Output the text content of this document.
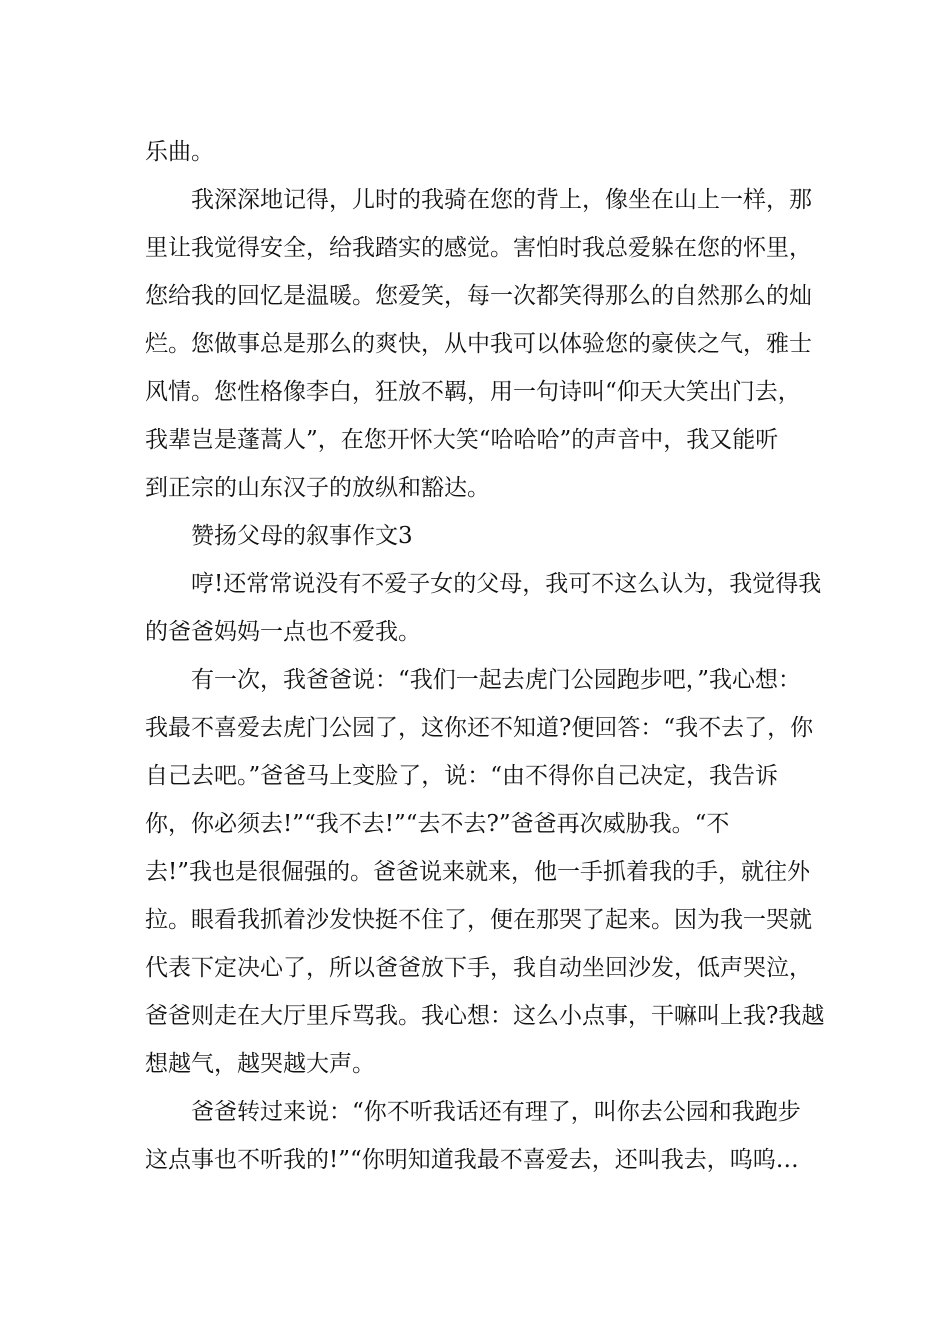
乐曲。
我深深地记得，儿时的我骑在您的背上，像坐在山上一样，那
里让我觉得安全，给我踏实的感觉。害怕时我总爱躲在您的怀里，
您给我的回忆是温暖。您爱笑，每一次都笑得那么的自然那么的灿
烂。您做事总是那么的爽快，从中我可以体验您的豪侠之气，雅士
风情。您性格像李白，狂放不羁，用一句诗叫“仰天大笑出门去，
我辈岂是蓬蒿人”，在您开怀大笑“哈哈哈”的声音中，我又能听
到正宗的山东汉子的放纵和豁达。
赞扬父母的叙事作文3
哼!还常常说没有不爱子女的父母，我可不这么认为，我觉得我
的爸爸妈妈一点也不爱我。
有一次，我爸爸说：“我们一起去虎门公园跑步吧，”我心想：
我最不喜爱去虎门公园了，这你还不知道?便回答：“我不去了，你
自己去吧。”爸爸马上变脸了，说：“由不得你自己决定，我告诉
你，你必须去!”“我不去!”“去不去?”爸爸再次威胁我。“不
去!”我也是很倔强的。爸爸说来就来，他一手抓着我的手，就往外
拉。眼看我抓着沙发快挺不住了，便在那哭了起来。因为我一哭就
代表下定决心了，所以爸爸放下手，我自动坐回沙发，低声哭泣，
爸爸则走在大厅里斥骂我。我心想：这么小点事，干嘛叫上我?我越
想越气，越哭越大声。
爸爸转过来说：“你不听我话还有理了，叫你去公园和我跑步
这点事也不听我的!”“你明知道我最不喜爱去，还叫我去，呜呜…
